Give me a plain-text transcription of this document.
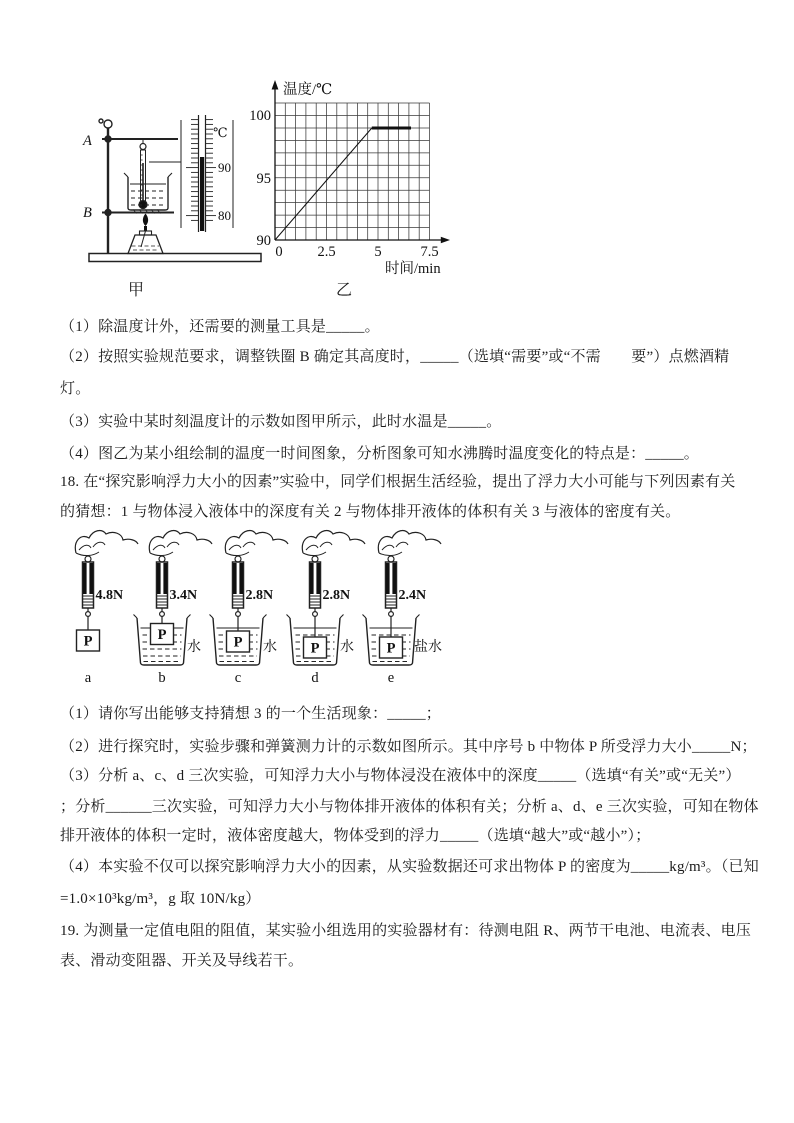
A
B
℃
90
80
温度/℃
时间/min
100
95
90
0 2.5	5	7.5
甲	乙
4.8N
P
a
3.4N
P
水
b
2.8N
P 水
c
2.8N
P 水
d
2.4N
P 盐水
e
（1）除温度计外，还需要的测量工具是_____。
（2）按照实验规范要求，调整铁圈 B 确定其高度时，_____（选填“需要”或“不需　　要”）点燃酒精
灯。
（3）实验中某时刻温度计的示数如图甲所示，此时水温是_____。
（4）图乙为某小组绘制的温度一时间图象，分析图象可知水沸腾时温度变化的特点是：_____。
18. 在“探究影响浮力大小的因素”实验中，同学们根据生活经验，提出了浮力大小可能与下列因素有关
的猜想：1 与物体浸入液体中的深度有关 2 与物体排开液体的体积有关 3 与液体的密度有关。
（1）请你写出能够支持猜想 3 的一个生活现象：_____；
（2）进行探究时，实验步骤和弹簧测力计的示数如图所示。其中序号 b 中物体 P 所受浮力大小_____N；
（3）分析 a、c、d 三次实验，可知浮力大小与物体浸没在液体中的深度_____（选填“有关”或“无关”）
；分析______三次实验，可知浮力大小与物体排开液体的体积有关；分析 a、d、e 三次实验，可知在物体
排开液体的体积一定时，液体密度越大，物体受到的浮力_____（选填“越大”或“越小”）；
（4）本实验不仅可以探究影响浮力大小的因素，从实验数据还可求出物体 P 的密度为_____kg/m³。（已知
=1.0×10³kg/m³，g 取 10N/kg）
19. 为测量一定值电阻的阻值，某实验小组选用的实验器材有：待测电阻 R、两节干电池、电流表、电压
表、滑动变阻器、开关及导线若干。
